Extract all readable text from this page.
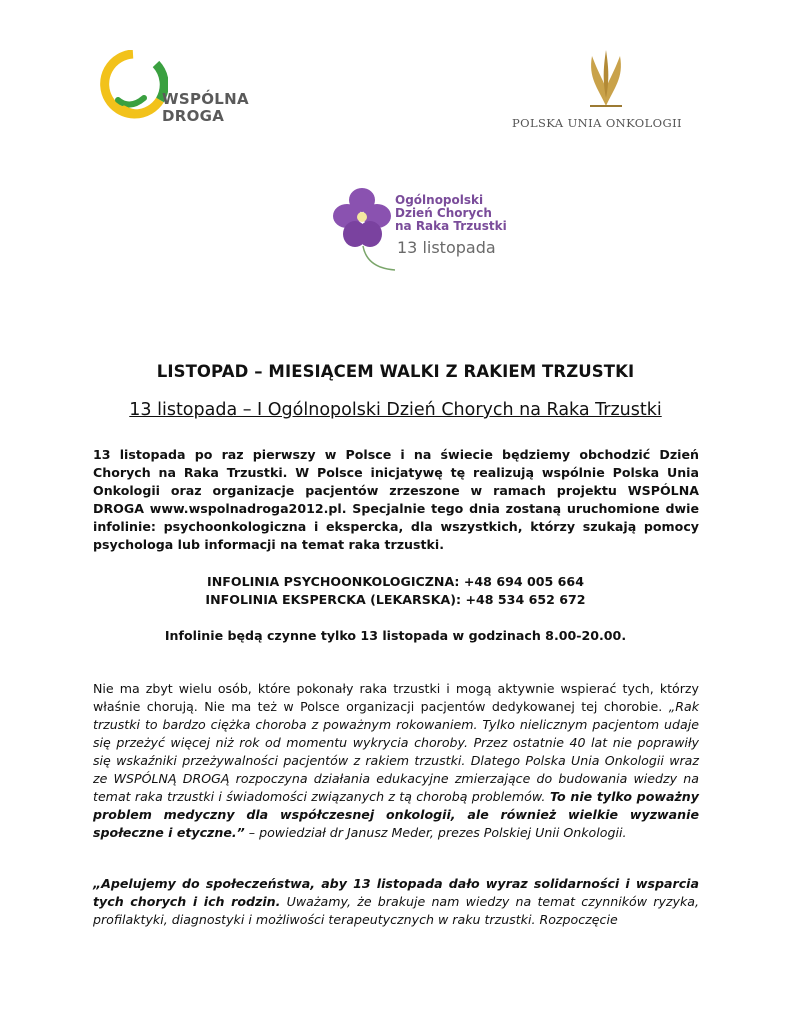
WSPÓLNA
DROGA	POLSKA UNIA ONKOLOGII
Ogólnopolski
Dzień Chorych
na Raka Trzustki
13 listopada
LISTOPAD – MIESIĄCEM WALKI Z RAKIEM TRZUSTKI
13 listopada – I Ogólnopolski Dzień Chorych na Raka Trzustki
13 listopada po raz pierwszy w Polsce i na świecie będziemy obchodzić Dzień Chorych na Raka Trzustki. W Polsce inicjatywę tę realizują wspólnie Polska Unia Onkologii oraz organizacje pacjentów zrzeszone w ramach projektu WSPÓLNA DROGA www.wspolnadroga2012.pl. Specjalnie tego dnia zostaną uruchomione dwie infolinie: psychoonkologiczna i ekspercka, dla wszystkich, którzy szukają pomocy psychologa lub informacji na temat raka trzustki.
INFOLINIA PSYCHOONKOLOGICZNA: +48 694 005 664
INFOLINIA EKSPERCKA (LEKARSKA): +48 534 652 672
Infolinie będą czynne tylko 13 listopada w godzinach 8.00-20.00.
Nie ma zbyt wielu osób, które pokonały raka trzustki i mogą aktywnie wspierać tych, którzy właśnie chorują. Nie ma też w Polsce organizacji pacjentów dedykowanej tej chorobie. „Rak trzustki to bardzo ciężka choroba z poważnym rokowaniem. Tylko nielicznym pacjentom udaje się przeżyć więcej niż rok od momentu wykrycia choroby. Przez ostatnie 40 lat nie poprawiły się wskaźniki przeżywalności pacjentów z rakiem trzustki. Dlatego Polska Unia Onkologii wraz ze WSPÓLNĄ DROGĄ rozpoczyna działania edukacyjne zmierzające do budowania wiedzy na temat raka trzustki i świadomości związanych z tą chorobą problemów. To nie tylko poważny problem medyczny dla współczesnej onkologii, ale również wielkie wyzwanie społeczne i etyczne.” – powiedział dr Janusz Meder, prezes Polskiej Unii Onkologii.
„Apelujemy do społeczeństwa, aby 13 listopada dało wyraz solidarności i wsparcia tych chorych i ich rodzin. Uważamy, że brakuje nam wiedzy na temat czynników ryzyka, profilaktyki, diagnostyki i możliwości terapeutycznych w raku trzustki. Rozpoczęcie
